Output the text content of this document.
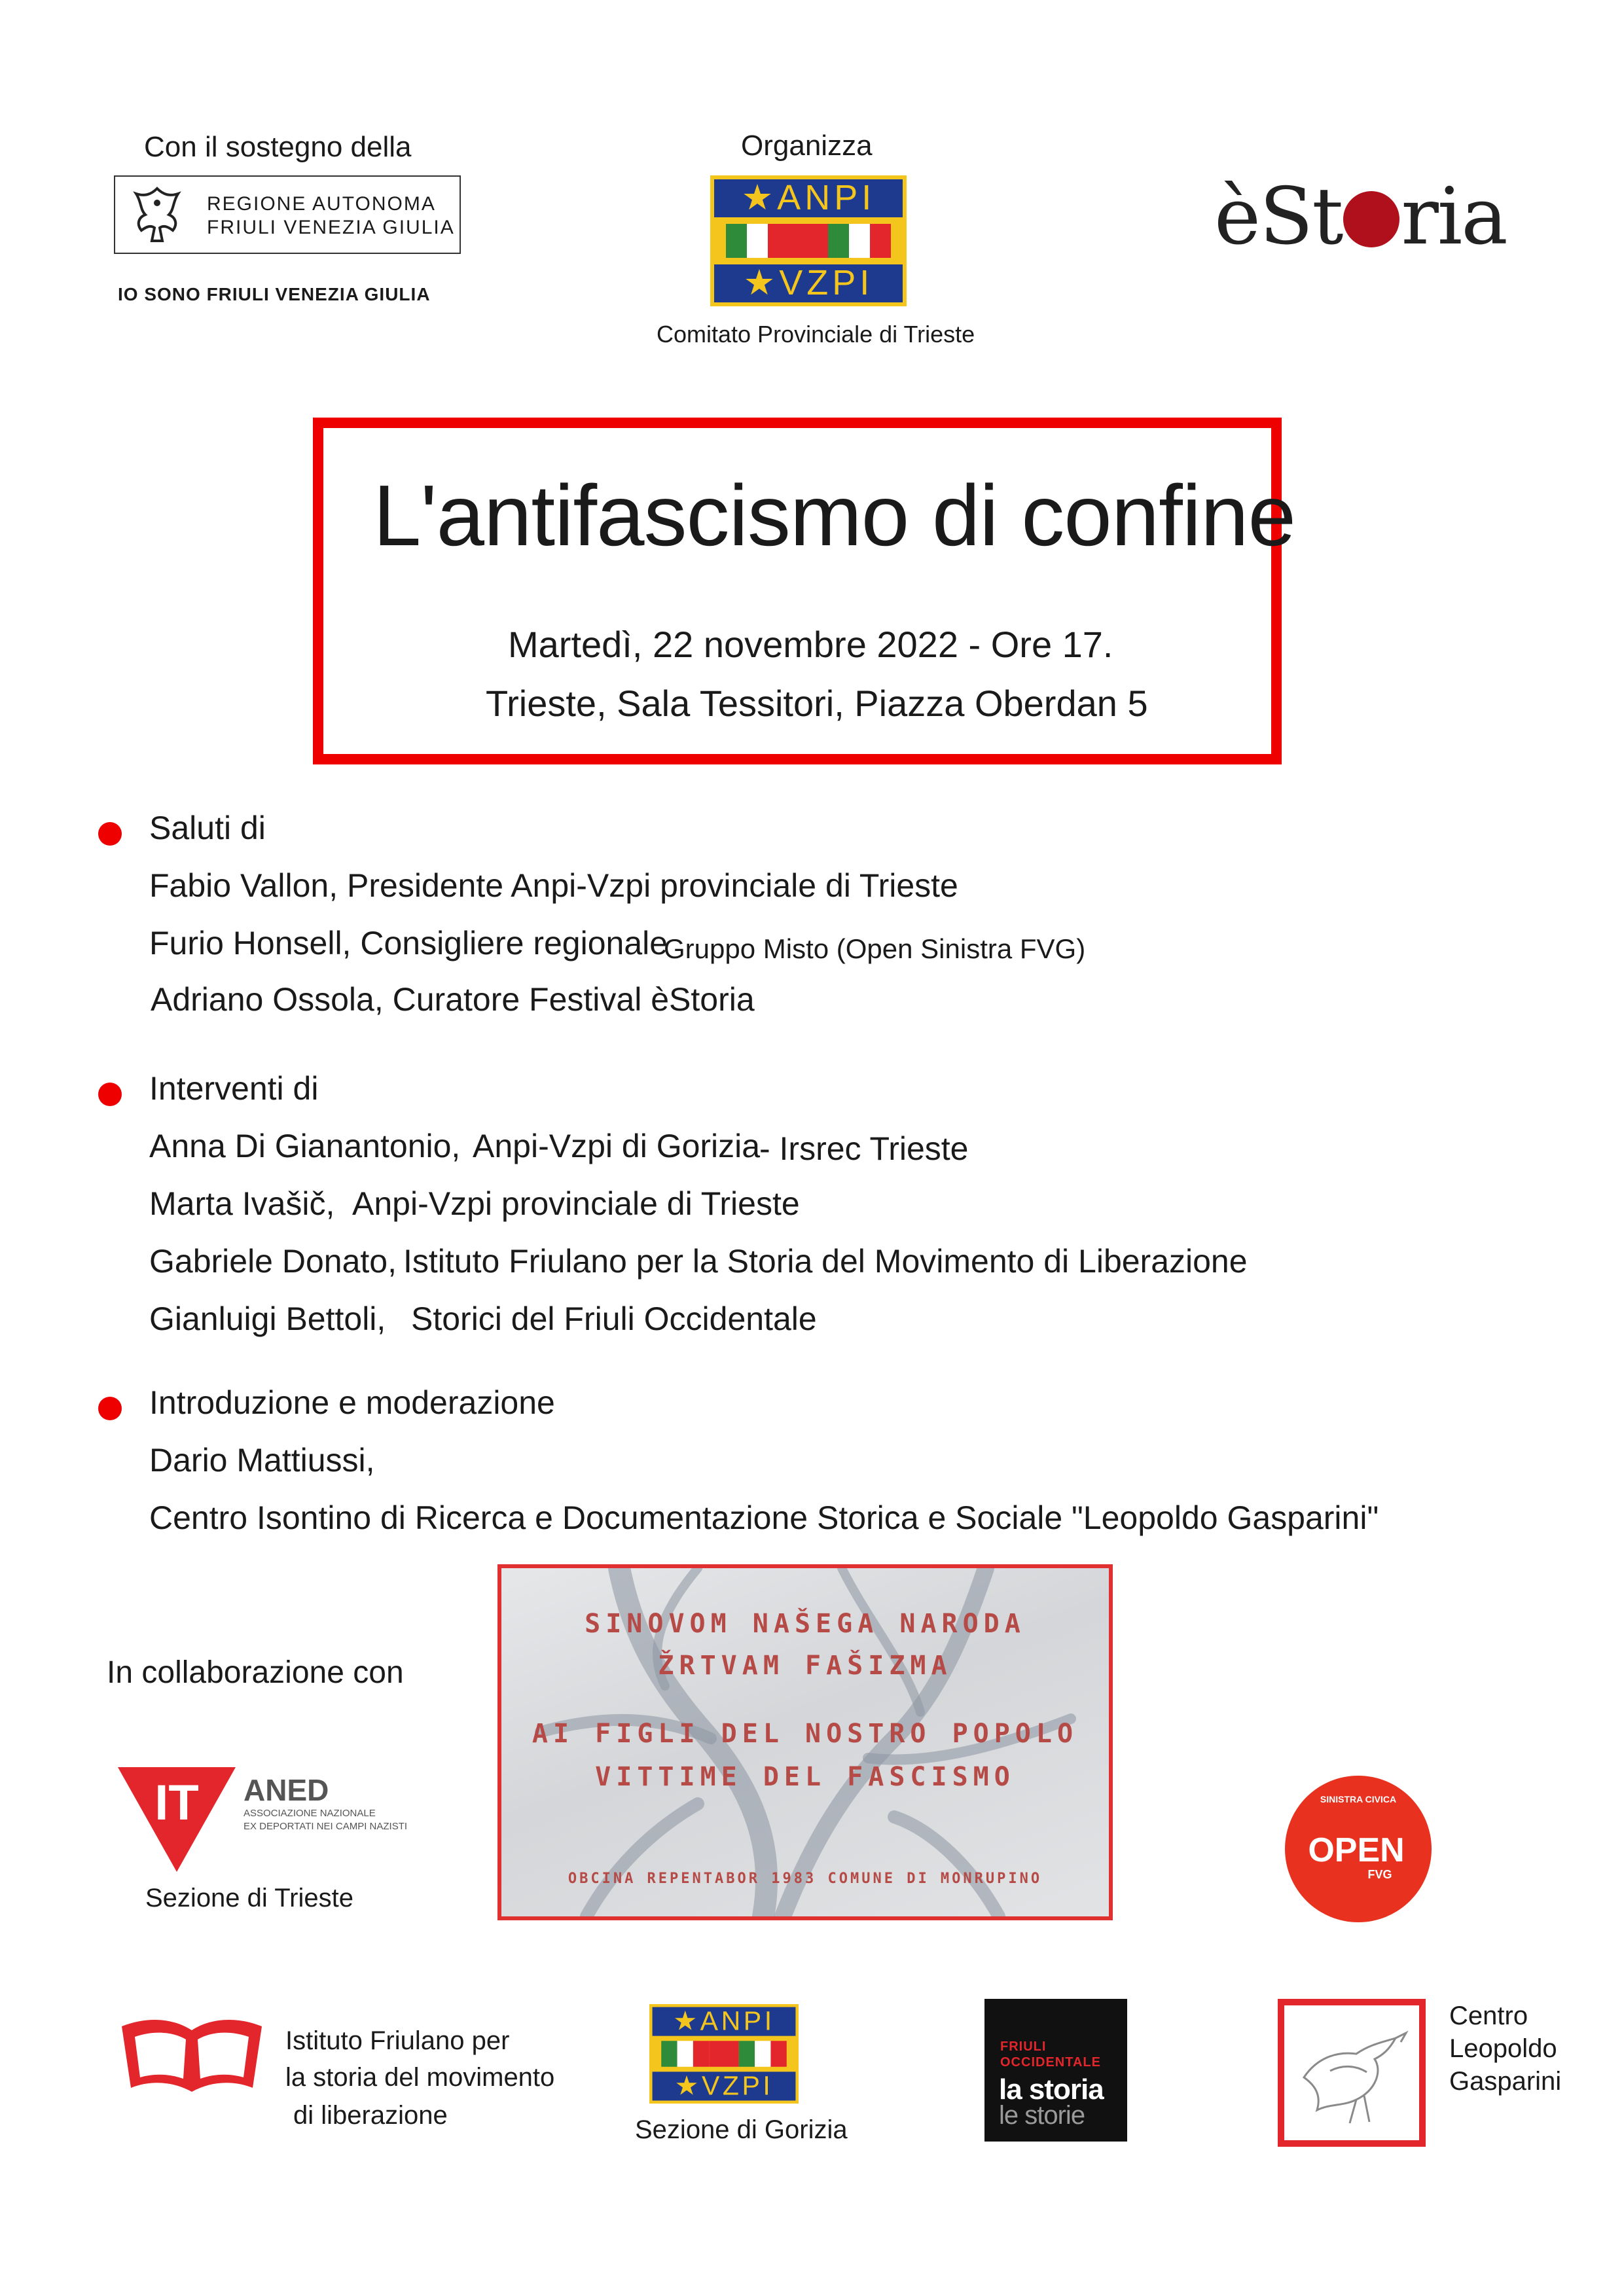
Con il sostegno della
REGIONE AUTONOMA
FRIULI VENEZIA GIULIA
IO SONO FRIULI VENEZIA GIULIA
Organizza
★ANPI
★VZPI
Comitato Provinciale di Trieste
èSt ria
L'antifascismo di confine
Martedì, 22 novembre 2022 - Ore 17.
Trieste, Sala Tessitori, Piazza Oberdan 5
Saluti di
Fabio Vallon, Presidente Anpi-Vzpi provinciale di Trieste
Furio Honsell, Consigliere regionale
Gruppo Misto (Open Sinistra FVG)
Adriano Ossola, Curatore Festival èStoria
Interventi di
Anna Di Gianantonio, Anpi-Vzpi di Gorizia
- Irsrec Trieste
Marta Ivašič, Anpi-Vzpi provinciale di Trieste
Gabriele Donato, Istituto Friulano per la Storia del Movimento di Liberazione
Gianluigi Bettoli, Storici del Friuli Occidentale
Introduzione e moderazione
Dario Mattiussi,
Centro Isontino di Ricerca e Documentazione Storica e Sociale "Leopoldo Gasparini"
In collaborazione con
IT ANED
ASSOCIAZIONE NAZIONALE
EX DEPORTATI NEI CAMPI NAZISTI
Sezione di Trieste
SINOVOM NAŠEGA NARODA
ŽRTVAM FAŠIZMA
AI FIGLI DEL NOSTRO POPOLO
VITTIME DEL FASCISMO
OBCINA REPENTABOR 1983 COMUNE DI MONRUPINO
SINISTRA CIVICA
OPEN
FVG
Istituto Friulano per
la storia del movimento
di liberazione
★ANPI
★VZPI
Sezione di Gorizia
FRIULI
OCCIDENTALE
la storia
le storie
Centro
Leopoldo
Gasparini
